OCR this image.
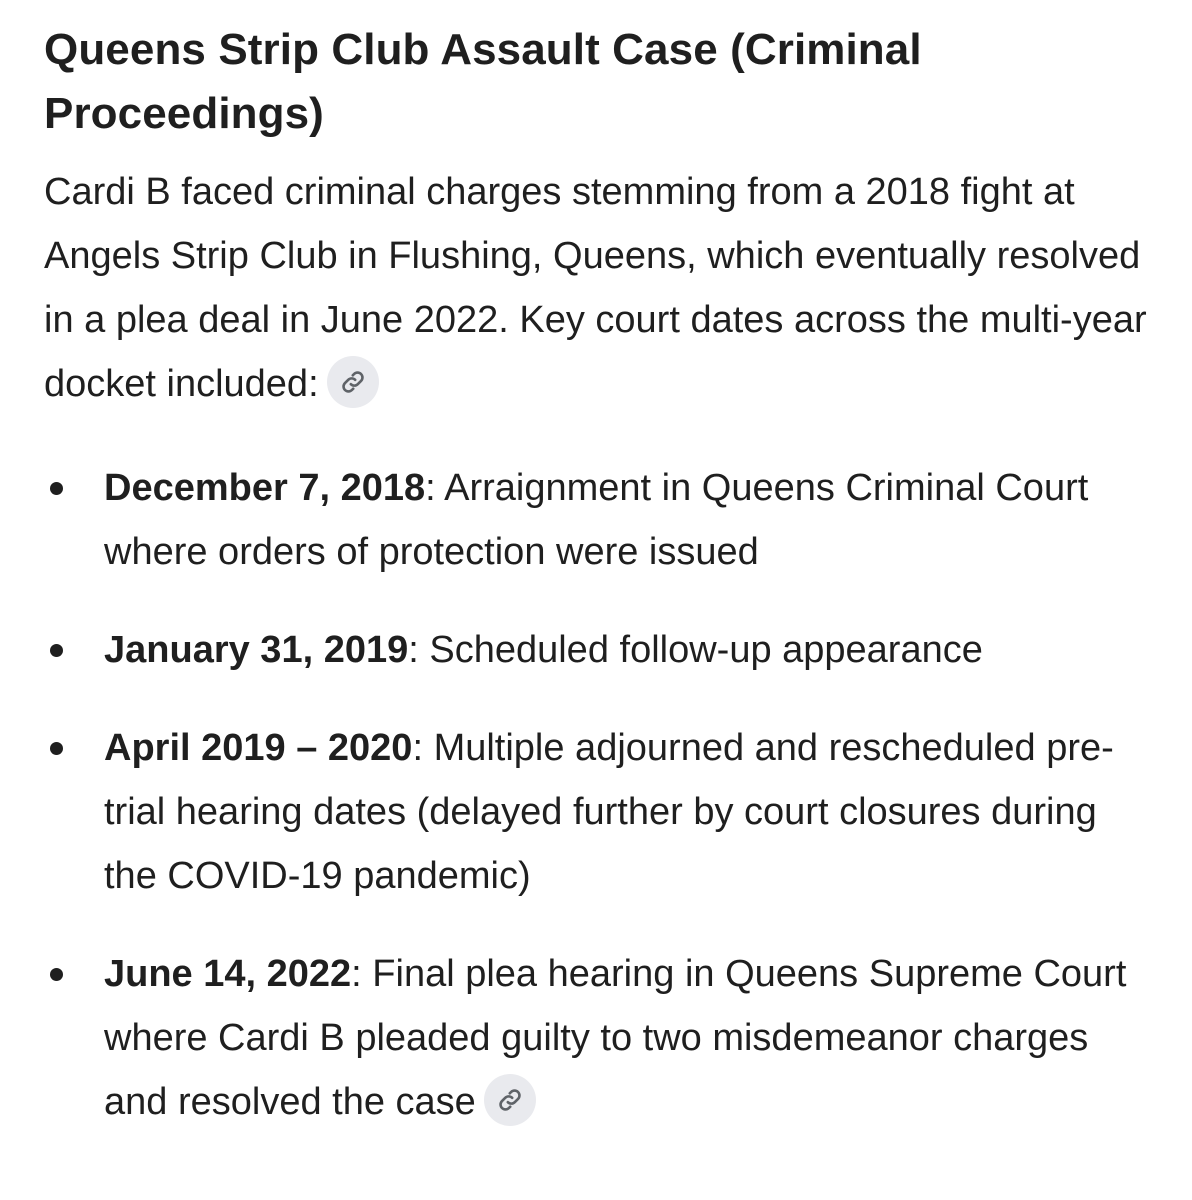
Queens Strip Club Assault Case (Criminal Proceedings)

Cardi B faced criminal charges stemming from a 2018 fight at Angels Strip Club in Flushing, Queens, which eventually resolved in a plea deal in June 2022. Key court dates across the multi-year docket included:

December 7, 2018: Arraignment in Queens Criminal Court where orders of protection were issued
January 31, 2019: Scheduled follow-up appearance
April 2019 – 2020: Multiple adjourned and rescheduled pre-trial hearing dates (delayed further by court closures during the COVID-19 pandemic)
June 14, 2022: Final plea hearing in Queens Supreme Court where Cardi B pleaded guilty to two misdemeanor charges and resolved the case
